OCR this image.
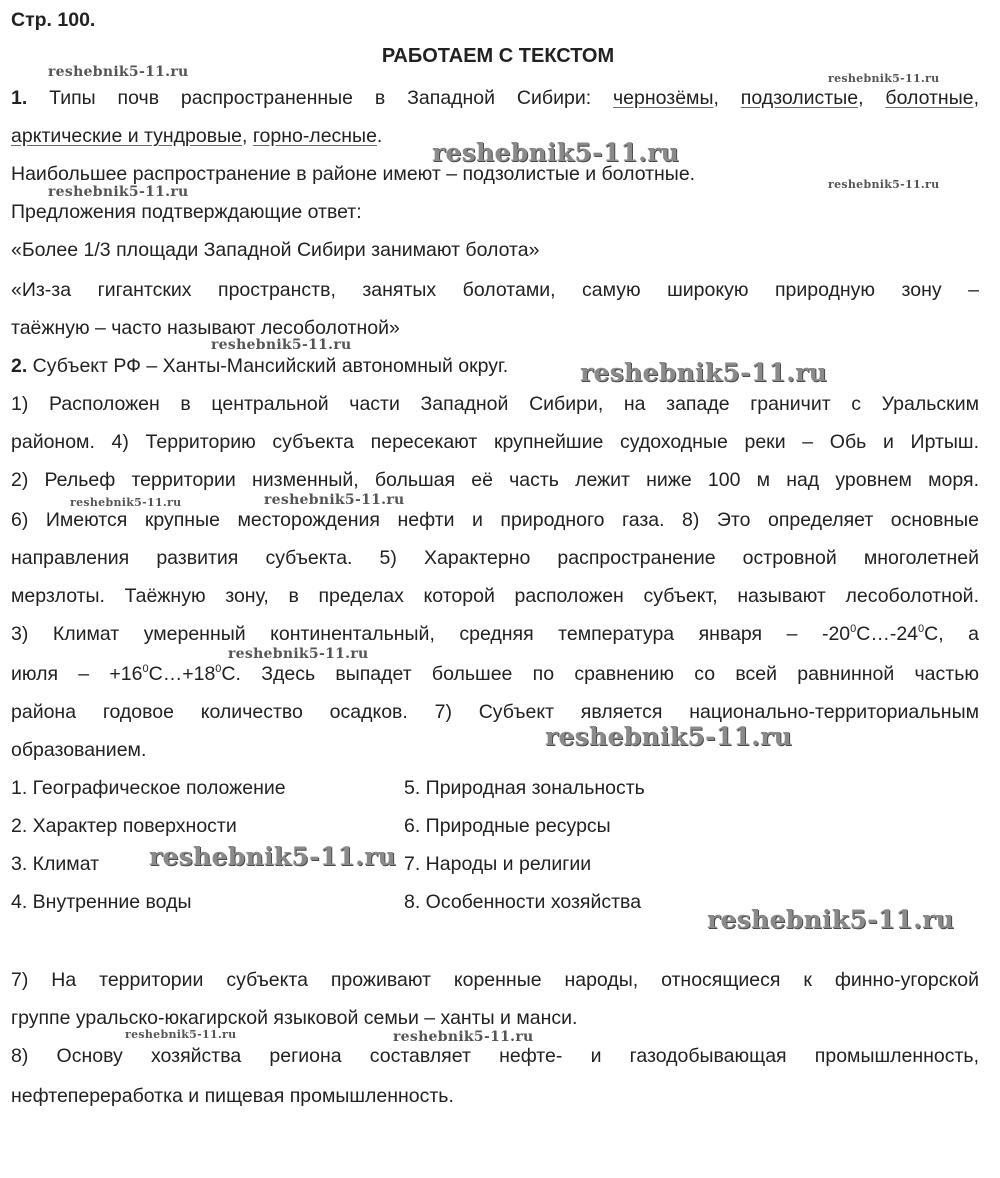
Стр. 100.
РАБОТАЕМ С ТЕКСТОМ
1. Типы почв распространенные в Западной Сибири: чернозёмы, подзолистые, болотные,
арктические и тундровые, горно-лесные.
Наибольшее распространение в районе имеют – подзолистые и болотные.
Предложения подтверждающие ответ:
«Более 1/3 площади Западной Сибири занимают болота»
«Из-за гигантских пространств, занятых болотами, самую широкую природную зону –
таёжную – часто называют лесоболотной»
2. Субъект РФ – Ханты-Мансийский автономный округ.
1) Расположен в центральной части Западной Сибири, на западе граничит с Уральским
районом. 4) Территорию субъекта пересекают крупнейшие судоходные реки – Обь и Иртыш.
2) Рельеф территории низменный, большая её часть лежит ниже 100 м над уровнем моря.
6) Имеются крупные месторождения нефти и природного газа. 8) Это определяет основные
направления развития субъекта. 5) Характерно распространение островной многолетней
мерзлоты. Таёжную зону, в пределах которой расположен субъект, называют лесоболотной.
3) Климат умеренный континентальный, средняя температура января – $-20^0С\dots-24^0С$, а
июля – $+16^0С\dots+18^0С$. Здесь выпадет большее по сравнению со всей равнинной частью
района годовое количество осадков. 7) Субъект является национально-территориальным
образованием.
1. Географическое положение
2. Характер поверхности
3. Климат
4. Внутренние воды
5. Природная зональность
6. Природные ресурсы
7. Народы и религии
8. Особенности хозяйства
7) На территории субъекта проживают коренные народы, относящиеся к финно-угорской
группе уральско-юкагирской языковой семьи – ханты и манси.
8) Основу хозяйства региона составляет нефте- и газодобывающая промышленность,
нефтепереработка и пищевая промышленность.
reshebnik5-11.ru	reshebnik5-11.ru
reshebnik5-11.ru
reshebnik5-11.ru	reshebnik5-11.ru
reshebnik5-11.ru
reshebnik5-11.ru
reshebnik5-11.ru	reshebnik5-11.ru
reshebnik5-11.ru
reshebnik5-11.ru
reshebnik5-11.ru
reshebnik5-11.ru
reshebnik5-11.ru	reshebnik5-11.ru
